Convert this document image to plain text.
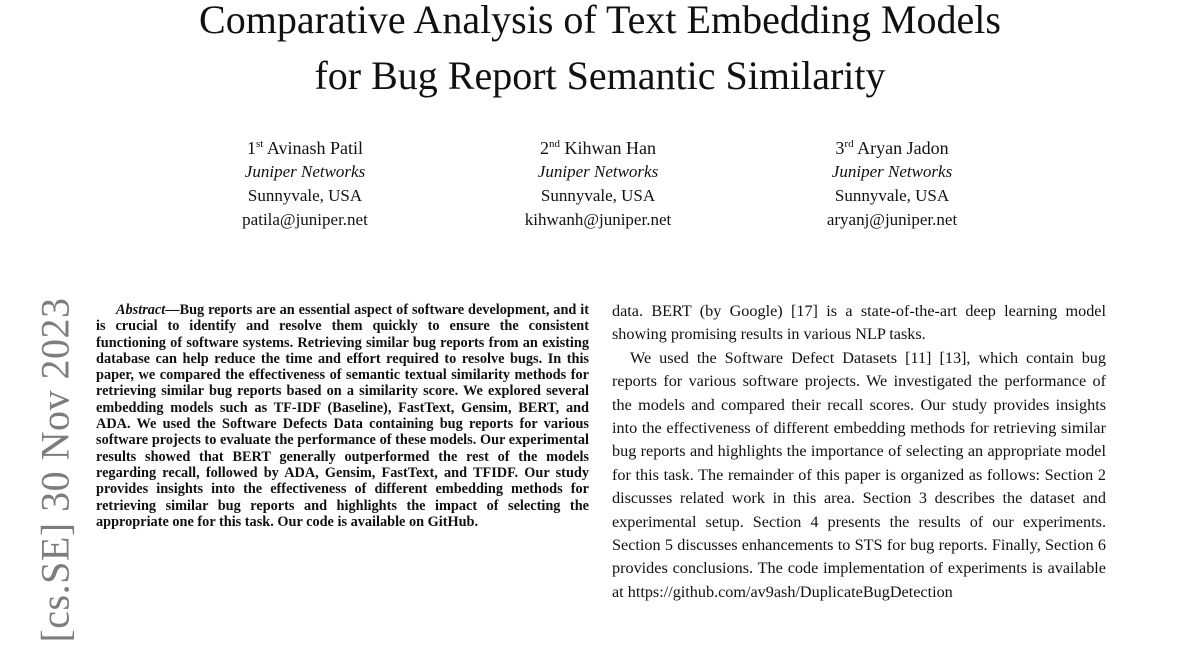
Comparative Analysis of Text Embedding Models
for Bug Report Semantic Similarity
1st Avinash Patil
Juniper Networks
Sunnyvale, USA
patila@juniper.net
2nd Kihwan Han
Juniper Networks
Sunnyvale, USA
kihwanh@juniper.net
3rd Aryan Jadon
Juniper Networks
Sunnyvale, USA
aryanj@juniper.net
[cs.SE] 30 Nov 2023	Abstract—Bug reports are an essential aspect of software development, and it is crucial to identify and resolve them quickly to ensure the consistent functioning of software systems. Retrieving similar bug reports from an existing database can help reduce the time and effort required to resolve bugs. In this paper, we compared the effectiveness of semantic textual similarity methods for retrieving similar bug reports based on a similarity score. We explored several embedding models such as TF-IDF (Baseline), FastText, Gensim, BERT, and ADA. We used the Software Defects Data containing bug reports for various software projects to evaluate the performance of these models. Our experimental results showed that BERT generally outperformed the rest of the models regarding recall, followed by ADA, Gensim, FastText, and TFIDF. Our study provides insights into the effectiveness of different embedding methods for retrieving similar bug reports and highlights the impact of selecting the appropriate one for this task. Our code is available on GitHub.

data. BERT (by Google) [17] is a state-of-the-art deep learning model showing promising results in various NLP tasks.

We used the Software Defect Datasets [11] [13], which contain bug reports for various software projects. We investigated the performance of the models and compared their recall scores. Our study provides insights into the effectiveness of different embedding methods for retrieving similar bug reports and highlights the importance of selecting an appropriate model for this task. The remainder of this paper is organized as follows: Section 2 discusses related work in this area. Section 3 describes the dataset and experimental setup. Section 4 presents the results of our experiments. Section 5 discusses enhancements to STS for bug reports. Finally, Section 6 provides conclusions. The code implementation of experiments is available at https://github.com/av9ash/DuplicateBugDetection
